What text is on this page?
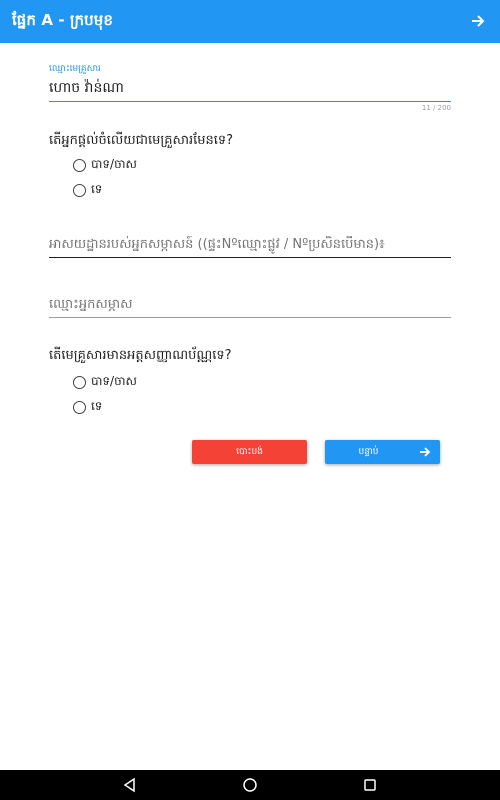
ផ្នែក A - ក្របមុខ
ឈ្មោះមេគ្រួសារ
ហោច វ៉ាន់ណា
11 / 200
តើអ្នកផ្ដល់ចំលើយជាមេគ្រួសារមែនទេ?
បាទ/ចាស
ទេ
អាសយដ្ឋានរបស់អ្នកសម្ភាសន៍ ((ផ្ទះNºឈ្មោះផ្លូវ / Nºប្រសិនបើមាន)៖
ឈ្មោះអ្នកសម្ភាស
តើមេគ្រួសារមានអត្តសញ្ញាណប័ណ្ណទេ?
បាទ/ចាស
ទេ
បោះបង់	បន្ទាប់
